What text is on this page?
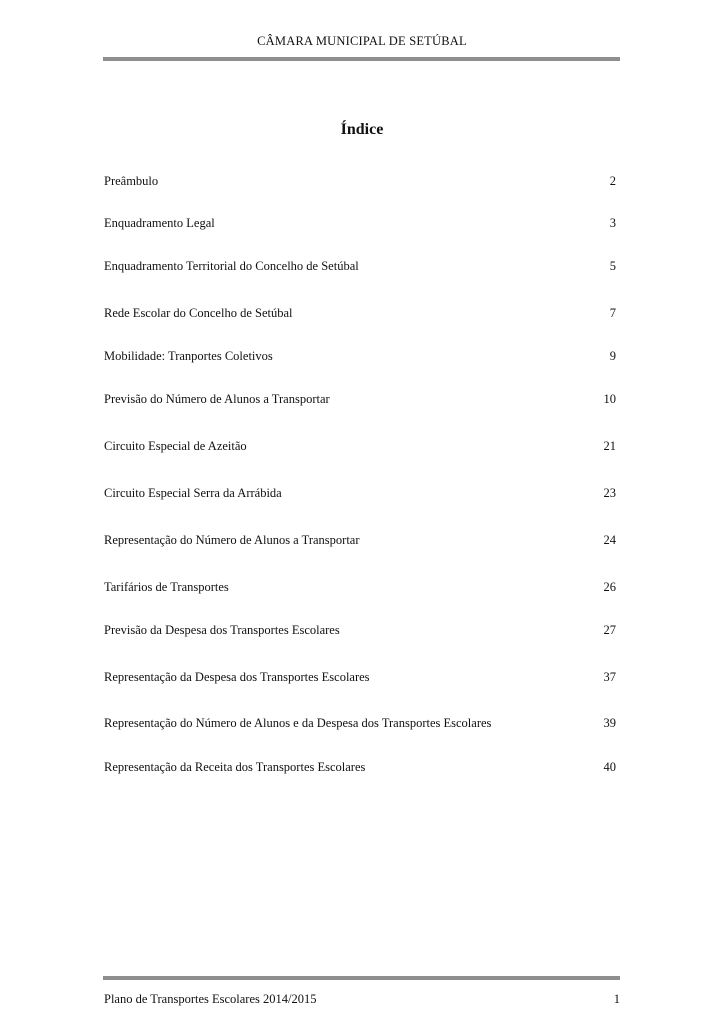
CÂMARA MUNICIPAL DE SETÚBAL
Índice
Preâmbulo	2
Enquadramento Legal	3
Enquadramento Territorial do Concelho de Setúbal	5
Rede Escolar do Concelho de Setúbal	7
Mobilidade: Tranportes Coletivos	9
Previsão do Número de Alunos a Transportar	10
Circuito Especial de Azeitão	21
Circuito Especial Serra da Arrábida	23
Representação do Número de Alunos a Transportar	24
Tarifários de Transportes	26
Previsão da Despesa dos Transportes Escolares	27
Representação da Despesa dos Transportes Escolares	37
Representação do Número de Alunos e da Despesa dos Transportes Escolares	39
Representação da Receita dos Transportes Escolares	40
Plano de Transportes Escolares 2014/2015	1
